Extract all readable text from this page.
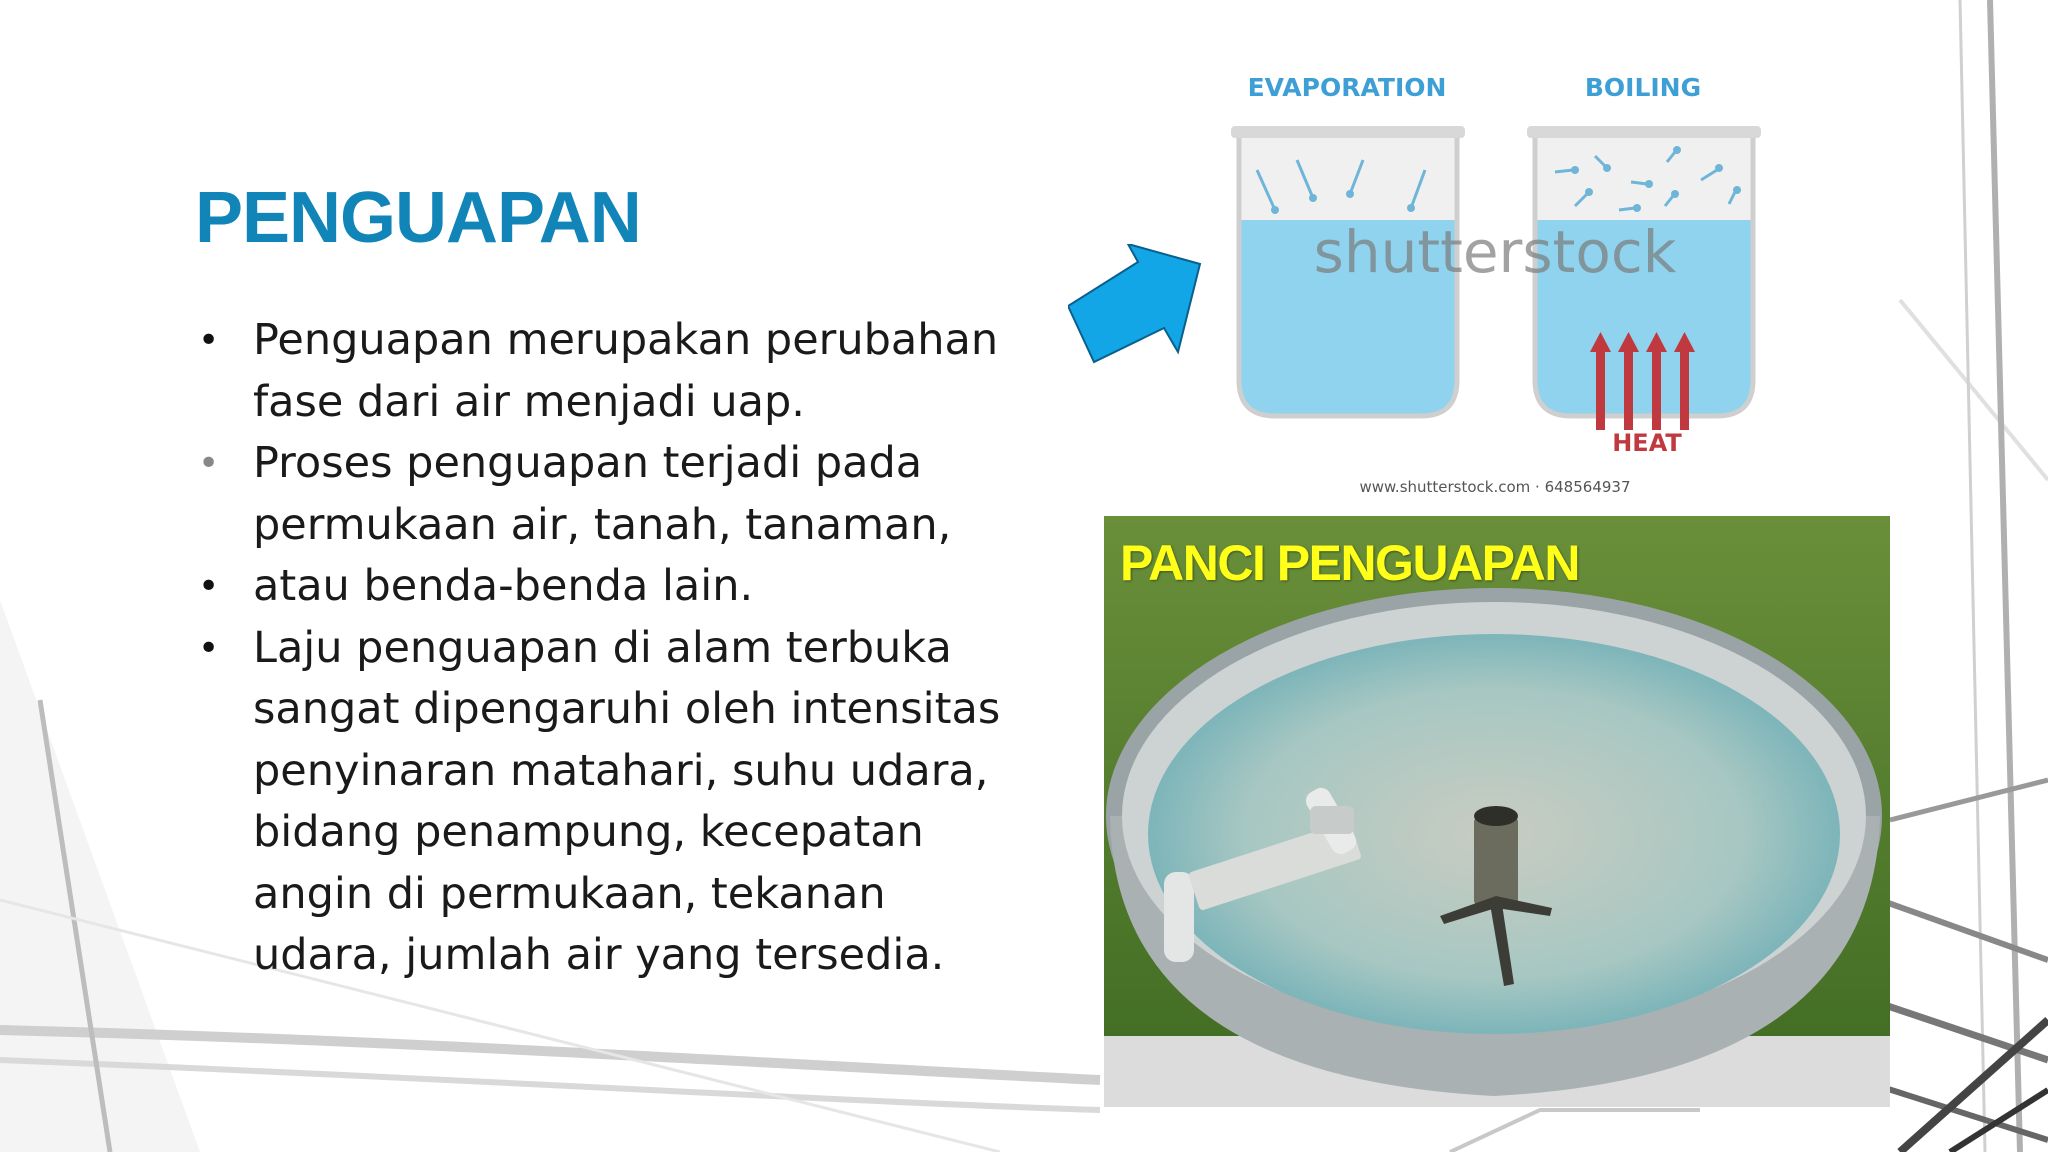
PENGUAPAN
• Penguapan merupakan perubahan fase dari air menjadi uap.
• Proses penguapan terjadi pada permukaan air, tanah, tanaman,
• atau benda-benda lain.
• Laju penguapan di alam terbuka sangat dipengaruhi oleh intensitas penyinaran matahari, suhu udara, bidang penampung, kecepatan angin di permukaan, tekanan udara, jumlah air yang tersedia.
EVAPORATION	BOILING
HEAT
shutterstock
www.shutterstock.com · 648564937
PANCI PENGUAPAN
